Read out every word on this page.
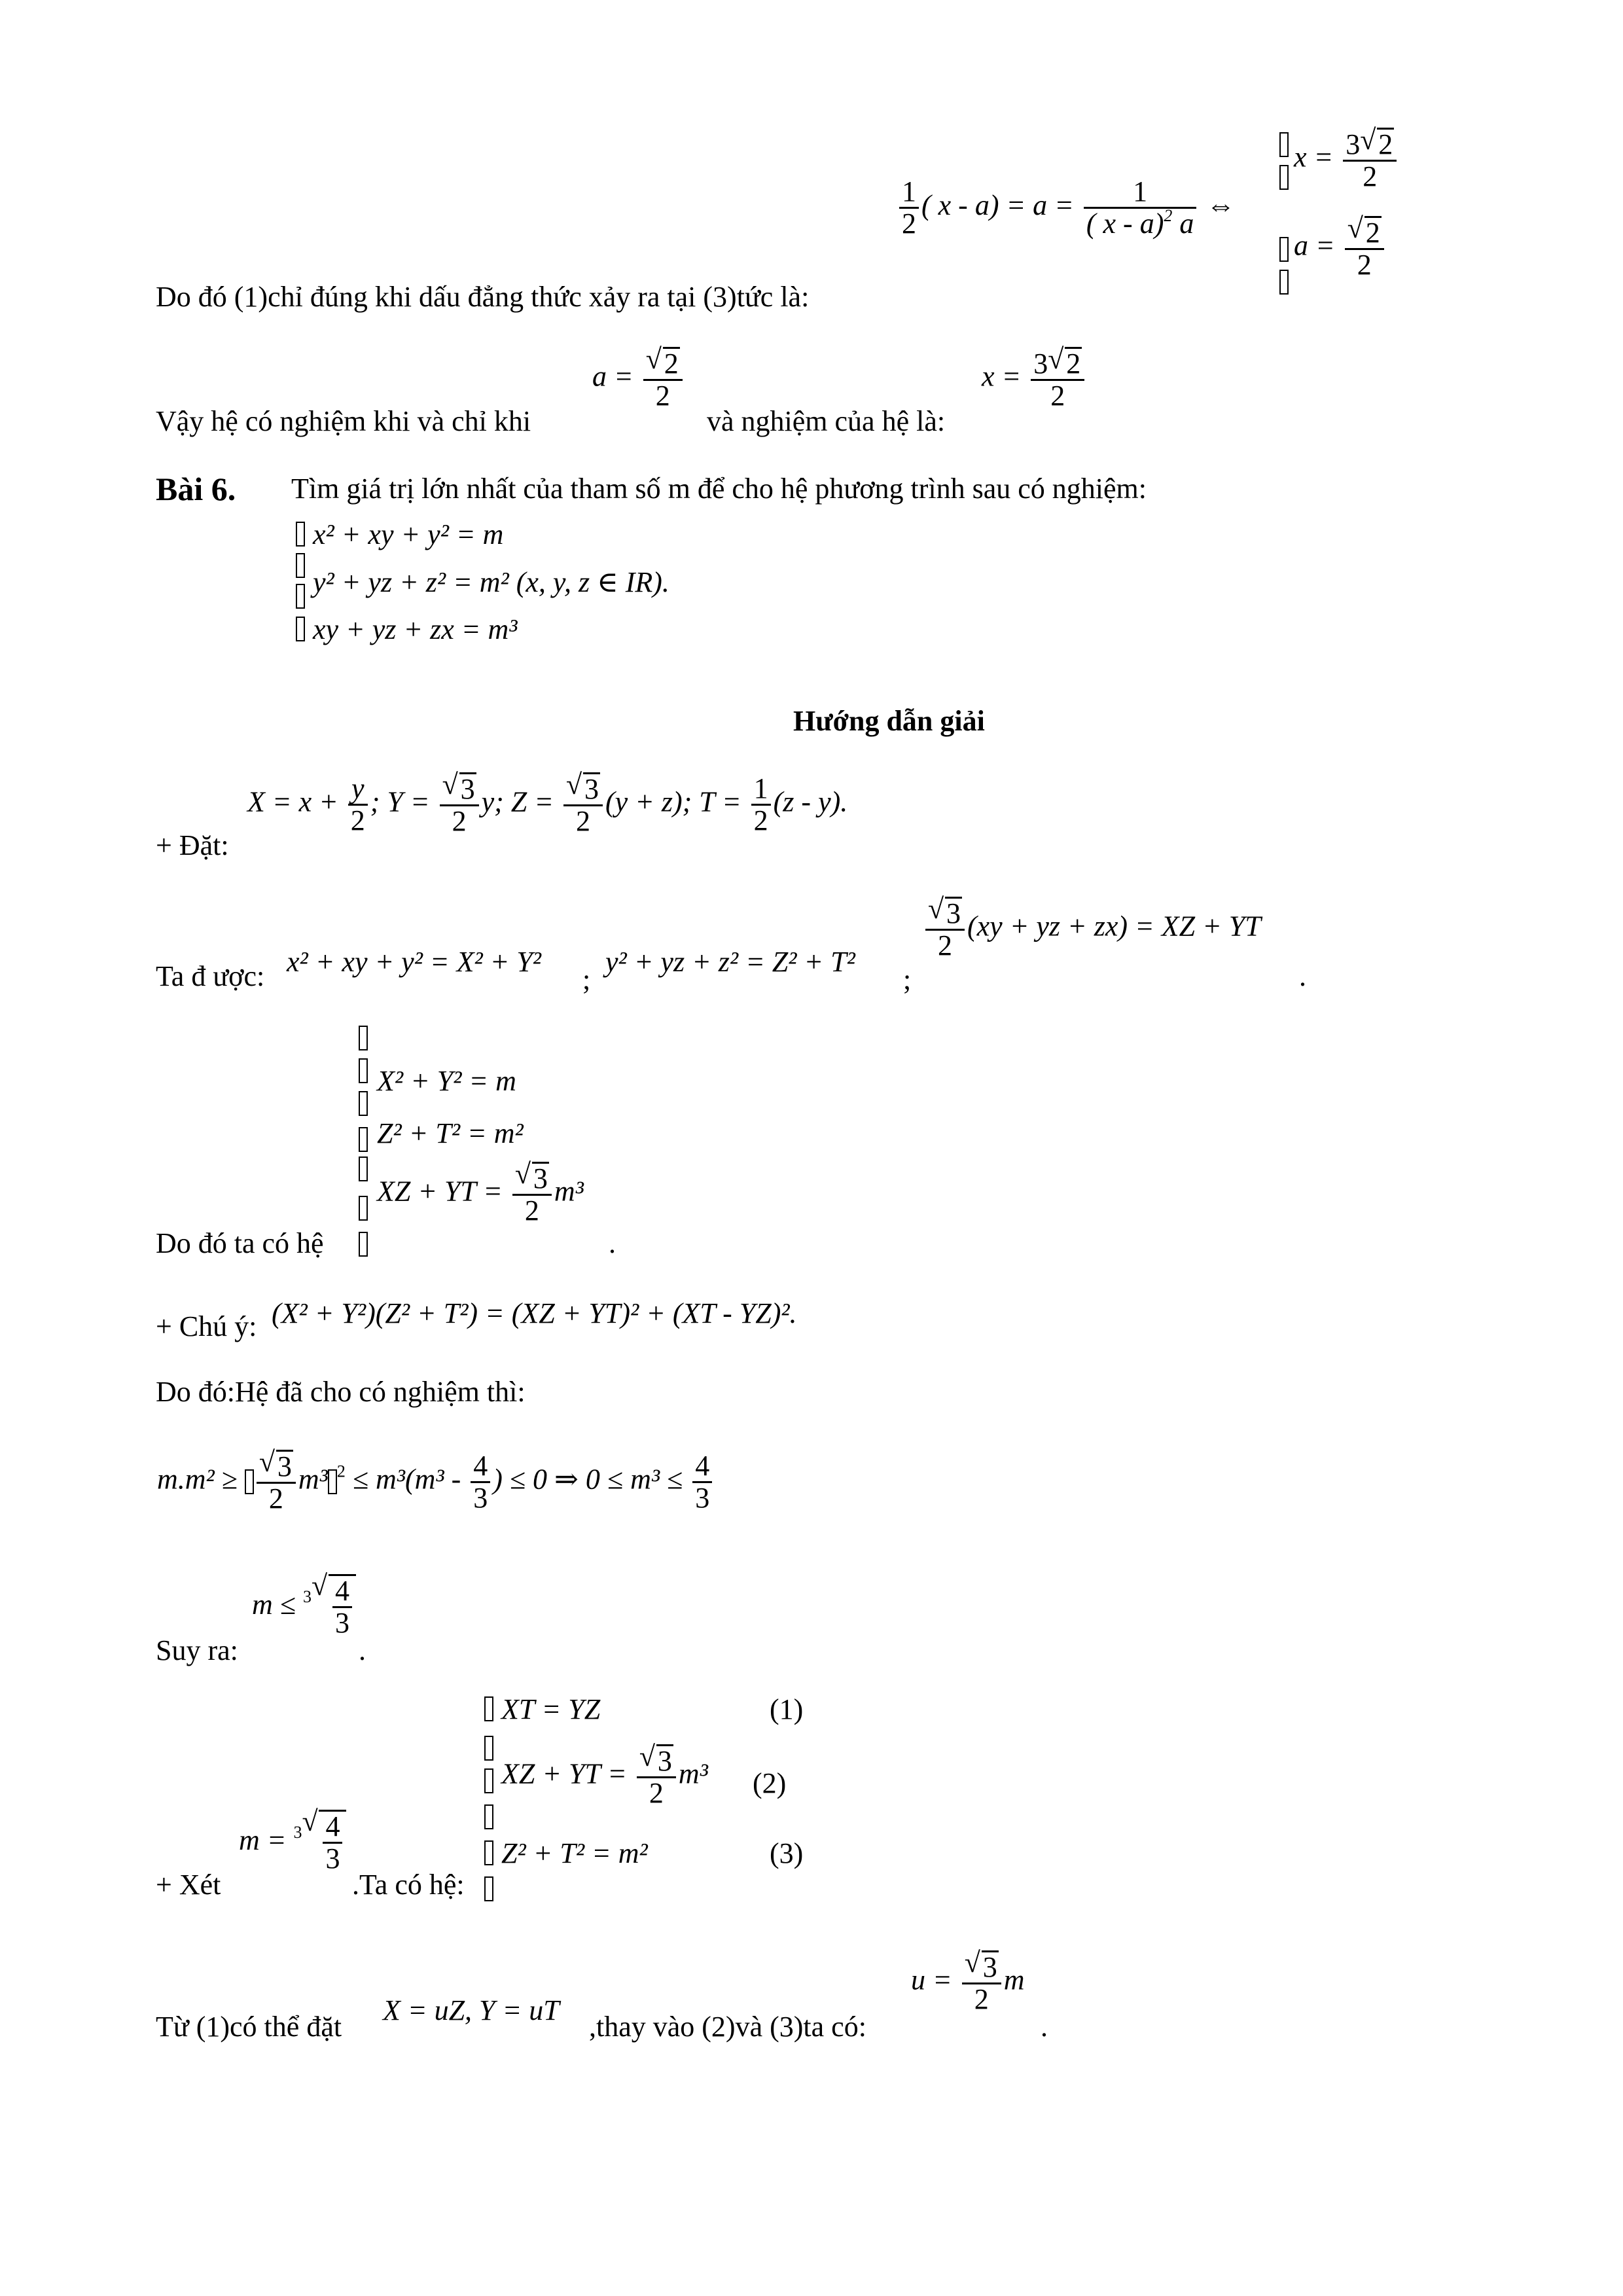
$\frac{1}{2}$ ( $x - a) = a = \frac{1}{( x - a)^2 a}$ ⇔
$x = \frac{3 √ 2}{2}$
a = √ $\frac{2}{2}$
Do đó (1)chỉ đúng khi dấu đẳng thức xảy ra tại (3)tức là:
Vậy hệ có nghiệm khi và chỉ khi
a = √ $\frac{2}{2}$
và nghiệm của hệ là:
$x = \frac{3 √ 2}{2}$
Bài 6. Tìm giá trị lớn nhất của tham số m để cho hệ phương trình sau có nghiệm:
x² + xy + y² = m
y² + yz + z² = m² (x, y, z ∈ IR).
xy + yz + zx = m³
Hướng dẫn giải
+ Đặt:
$X = x + \frac{y}{2}$ ; Y = √ $\frac{3}{2} y$; Z = √ $\frac{3}{2} (y + z)$; $T = \frac{1}{2} (z - y)$.
Ta đ ược: x² + xy + y² = X² + Y²
;
y² + yz + z² = Z² + T²
;
√ $\frac{3}{2} (xy$ + yz + zx) = XZ + YT
.
X² + Y² = m
Z² + T² = m²
XZ + YT = √ $\frac{3}{2} m^3$
Do đó ta có hệ	.
+ Chú ý: (X² + Y²)(Z² + T²) = (XZ + YT)² + (XT - YZ)².
Do đó:Hệ đã cho có nghiệm thì:
m.m² ≥ √ $\frac{3}{2} m^3$ $^2 \le m^3(m^3 - \frac{4}{3}$ ) ≤ 0 ⇒ $0 \le m^3 \le \frac{4}{3}$
Suy ra:
m ≤ $^3$ √ $\frac{4}{3}$
.
+ Xét
m = $^3$ √ $\frac{4}{3}$
.Ta có hệ:
XT = YZ	(1)
XZ + YT = √ $\frac{3}{2} m^3$ (2)
Z² + T² = m²	(3)
Từ (1)có thể đặt
X = uZ, Y = uT
,thay vào (2)và (3)ta có:
u = √ $\frac{3}{2}$ m
.
